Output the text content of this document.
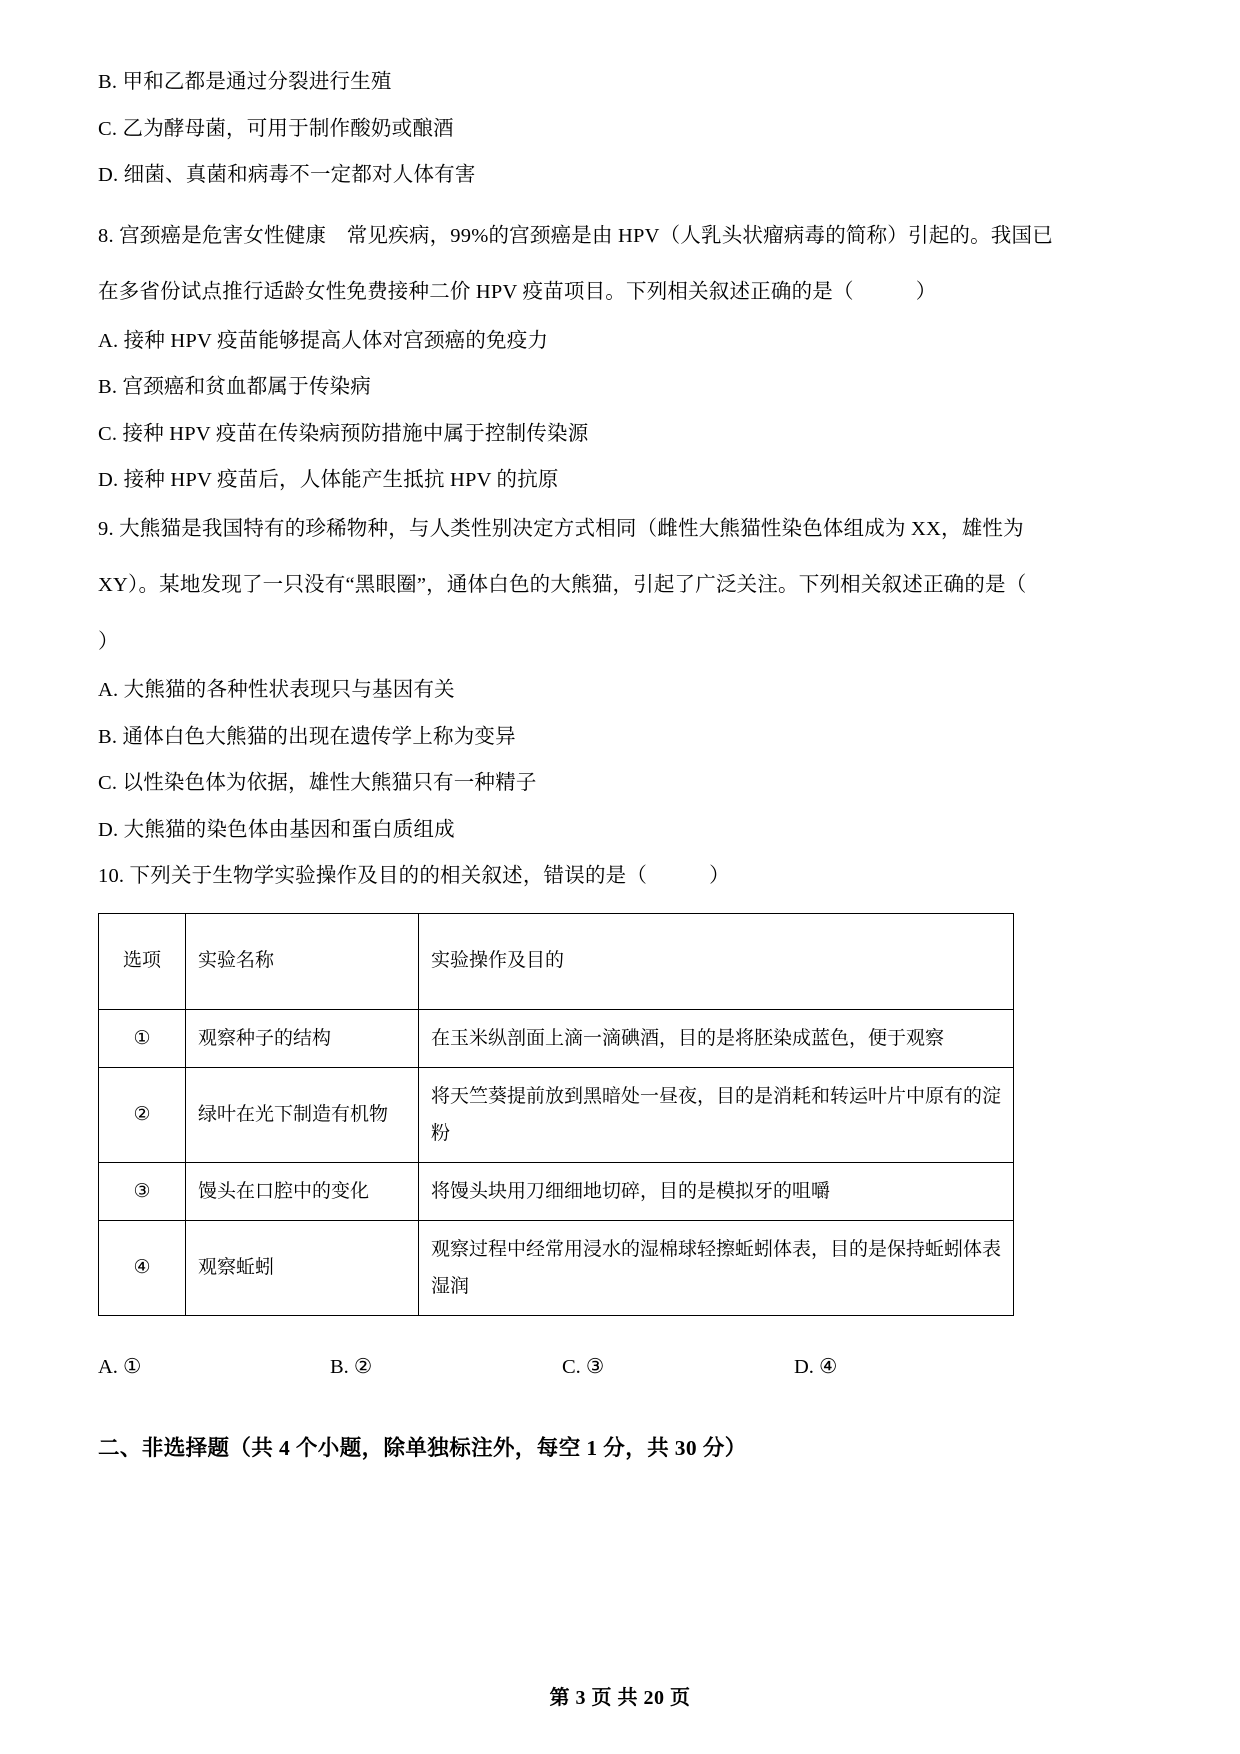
B. 甲和乙都是通过分裂进行生殖
C. 乙为酵母菌，可用于制作酸奶或酿酒
D. 细菌、真菌和病毒不一定都对人体有害
8. 宫颈癌是危害女性健康　常见疾病，99%的宫颈癌是由 HPV（人乳头状瘤病毒的简称）引起的。我国已
在多省份试点推行适龄女性免费接种二价 HPV 疫苗项目。下列相关叙述正确的是（　　　）
A. 接种 HPV 疫苗能够提高人体对宫颈癌的免疫力
B. 宫颈癌和贫血都属于传染病
C. 接种 HPV 疫苗在传染病预防措施中属于控制传染源
D. 接种 HPV 疫苗后，人体能产生抵抗 HPV 的抗原
9. 大熊猫是我国特有的珍稀物种，与人类性别决定方式相同（雌性大熊猫性染色体组成为 XX，雄性为
XY）。某地发现了一只没有“黑眼圈”，通体白色的大熊猫，引起了广泛关注。下列相关叙述正确的是（
）
A. 大熊猫的各种性状表现只与基因有关
B. 通体白色大熊猫的出现在遗传学上称为变异
C. 以性染色体为依据，雄性大熊猫只有一种精子
D. 大熊猫的染色体由基因和蛋白质组成
10. 下列关于生物学实验操作及目的的相关叙述，错误的是（　　　）
选项	实验名称	实验操作及目的
①	观察种子的结构	在玉米纵剖面上滴一滴碘酒，目的是将胚染成蓝色，便于观察
②	绿叶在光下制造有机物	将天竺葵提前放到黑暗处一昼夜，目的是消耗和转运叶片中原有的淀粉
③	馒头在口腔中的变化	将馒头块用刀细细地切碎，目的是模拟牙的咀嚼
④	观察蚯蚓	观察过程中经常用浸水的湿棉球轻擦蚯蚓体表，目的是保持蚯蚓体表湿润
A. ①	B. ②	C. ③	D. ④
二、非选择题（共 4 个小题，除单独标注外，每空 1 分，共 30 分）
第 3 页 共 20 页
